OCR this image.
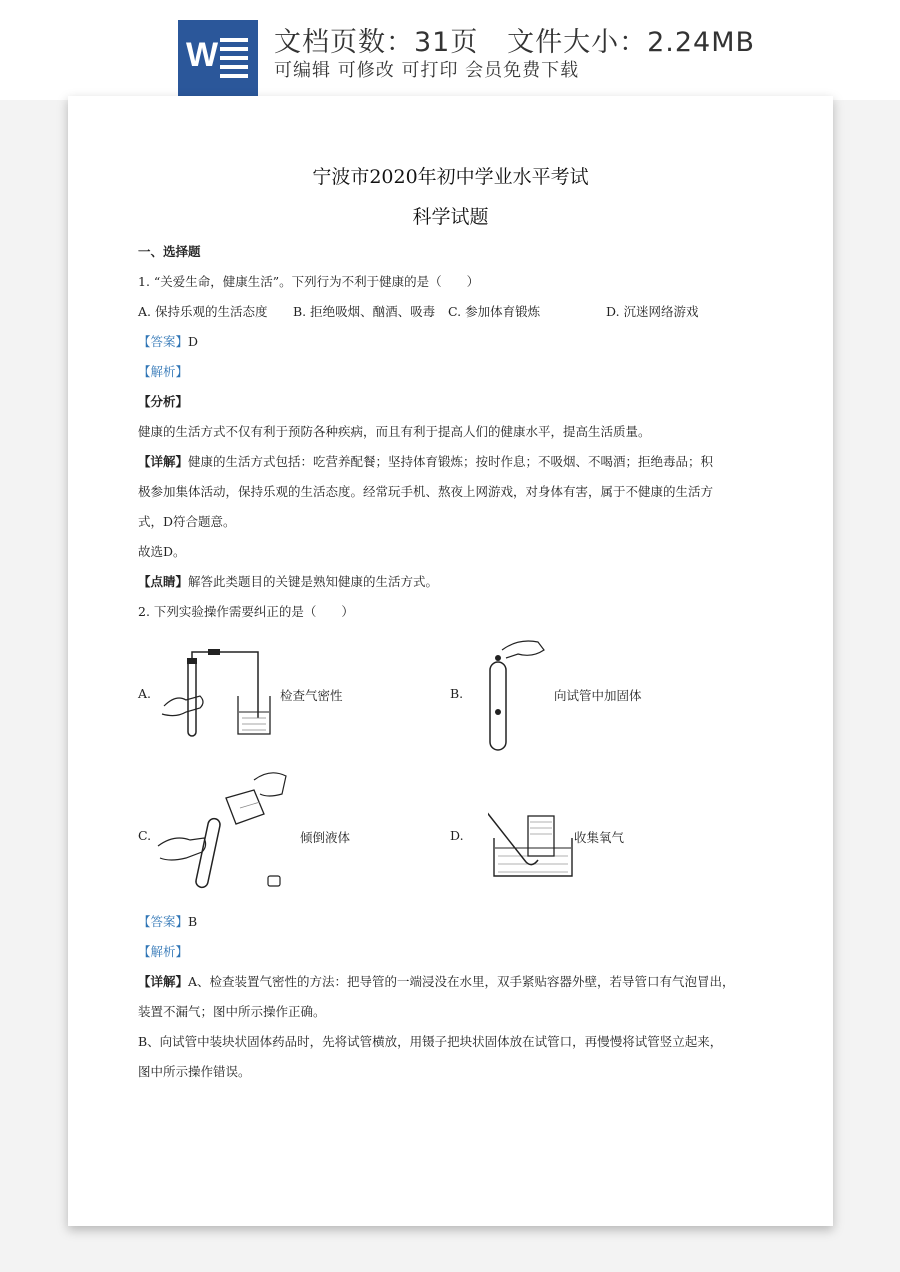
W 文档页数：31页   文件大小：2.24MB
可编辑 可修改 可打印 会员免费下载
宁波市2020年初中学业水平考试
科学试题
一、选择题
1. “关爱生命，健康生活”。下列行为不利于健康的是（　　）
A. 保持乐观的生活态度 B. 拒绝吸烟、酗酒、吸毒 C. 参加体育锻炼	D. 沉迷网络游戏
【答案】D
【解析】
【分析】
健康的生活方式不仅有利于预防各种疾病，而且有利于提高人们的健康水平，提高生活质量。
【详解】健康的生活方式包括：吃营养配餐；坚持体育锻炼；按时作息；不吸烟、不喝酒；拒绝毒品；积
极参加集体活动，保持乐观的生活态度。经常玩手机、熬夜上网游戏，对身体有害，属于不健康的生活方
式，D符合题意。
故选D。
【点睛】解答此类题目的关键是熟知健康的生活方式。
2. 下列实验操作需要纠正的是（　　）
A.	检查气密性	B.	向试管中加固体
C.	倾倒液体	D.	收集氧气
【答案】B
【解析】
【详解】A、检查装置气密性的方法：把导管的一端浸没在水里，双手紧贴容器外壁，若导管口有气泡冒出，
装置不漏气；图中所示操作正确。
B、向试管中装块状固体药品时，先将试管横放，用镊子把块状固体放在试管口，再慢慢将试管竖立起来，
图中所示操作错误。
